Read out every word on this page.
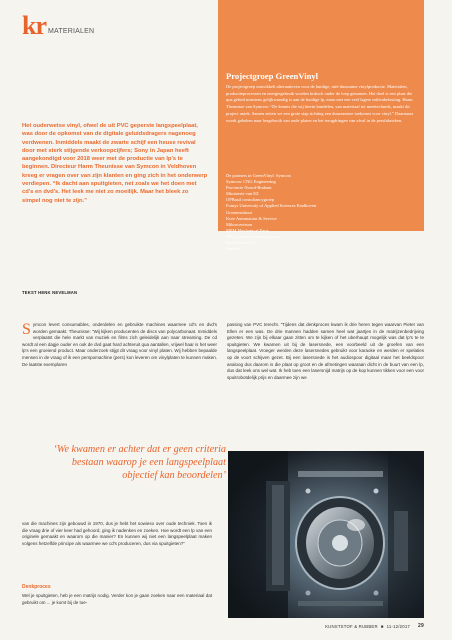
kr MATERIALEN
Projectgroep GreenVinyl

De projectgroep ontwikkelt alternatieven voor de huidige, niet-duurzame vinylproductie. Materialen, productieprocessen en energiegebruik worden kritisch onder de loep genomen. Het doel is een plaat die qua geluid minstens gelijkwaardig is aan de huidige lp, maar met een veel lagere milieubelasting. Harm Theunisse van Symcon: “De kennis die wij hierin bundelen, van materiaal tot meettechniek, maakt dit project uniek. Samen zetten we een grote stap richting een duurzamere toekomst voor vinyl.” Daarnaast wordt gekeken naar hergebruik van oude platen en het terugdringen van afval in de persfabrieken.

De partners in GreenVinyl: Symcon
Symcon: CNG Engineering
Provincie Noord-Brabant
Ministerie van EZ
OPBasil consultancygroep
Fontys University of Applied Sciences Eindhoven
Groeninstituut
Kore Automation & Service
Mikrocentrum
MPM Mechanical Parts
PEG-polymer research group
Record Industry
Symcon

Het ouderwetse vinyl, ofwel de uit PVC geperste langspeelplaat, was door de opkomst van de digitale geluidsdragers nagenoeg verdwenen. Inmiddels maakt de zwarte schijf een heuse revival door met sterk stijgende verkoopcijfers; Sony in Japan heeft aangekondigd voor 2018 weer met de productie van lp's te beginnen. Directeur Harm Theunisse van Symcon in Veldhoven kreeg er vragen over van zijn klanten en ging zich in het onderwerp verdiepen. “Ik dacht aan spuitgieten, net zoals we het doen met cd's en dvd's. Het leek me niet zo moeilijk. Maar het bleek zo simpel nog niet te zijn.”

TEKST HENK NEVELMAN
S ymcon levert consumables, onderdelen en gebruikte machines waarmee cd's en dvd's worden gemaakt. Theunisse: “Wij kijken producenten de discs van polycarbonaat. Inmiddels verplaatst die hele markt van muziek en films zich geleidelijk aan naar streaming. De cd wordt al een dagje ouder en ook de dvd gaat hard achteruit qua aantallen, vrijwel haar is het weer lp's een groeiend product. Maar onderzoek stijgt dit vraag voor vinyl platen. Wij hebben bepaalde mensen in de vraag of ik een perspomachine (pers) kon leveren om vinylplaten te kunnen maken. De laatste exemplaren

passing van PVC terecht. “Tijdens dat denkproces kwam ik drie heren tegen waarvan Pieter van Ellen er een was. De drie mannen hadden samen heel wat jaartjes in de matrijzenbedrijving gezeten. We zijn bij elkaar gaan zitten om te kijken of het uberhaupt mogelijk was dat lp's te te spuitgieten. We kwamen uit bij de lasersnede, een voorbeeld uit de groefen van een langspeelplaat. Vroeger werden deze lasersnedes gebruikt voor karaoke en werden er spelaties op de voort schijven gezet. Bij een lasersnede is het audiospoor digitaal maar het beeldspoor analoog dus daarom is die plaat op groot en de afmetingen waaraan dicht in de buurt van een lp, dus dat leek ons wel wat. Ik heb toen een lasersnijd matrijs op de kop kunnen tikken voor een voor spuitrobotdelijk prijs en daarmee zijn we

‘We kwamen er achter dat er geen criteria bestaan waarop je een langspeelplaat objectief kan beoordelen’

van die machines zijn gebouwd in 1970, dus je hebt het sowieso over oude techniek. Toen ik die vraag drie of vier keer had gehoord, ging ik nadenken en zoeken. Hoe wordt een lp van een originele gemaakt en waarom op die manier? En kunnen wij niet een langspeelplaat maken volgens hetzelfde principe als waarmee we cd's produceren, dus via spuitgieten?”

Denkproces

Wel je spuitgieten, heb je een matrijs nodig. Verder kon je gaan zoeken naar een materiaal dat gebruikt om ... je komt bij de toe-

KUNSTSTOF & RUBBER ■ 11-12/2017 29
